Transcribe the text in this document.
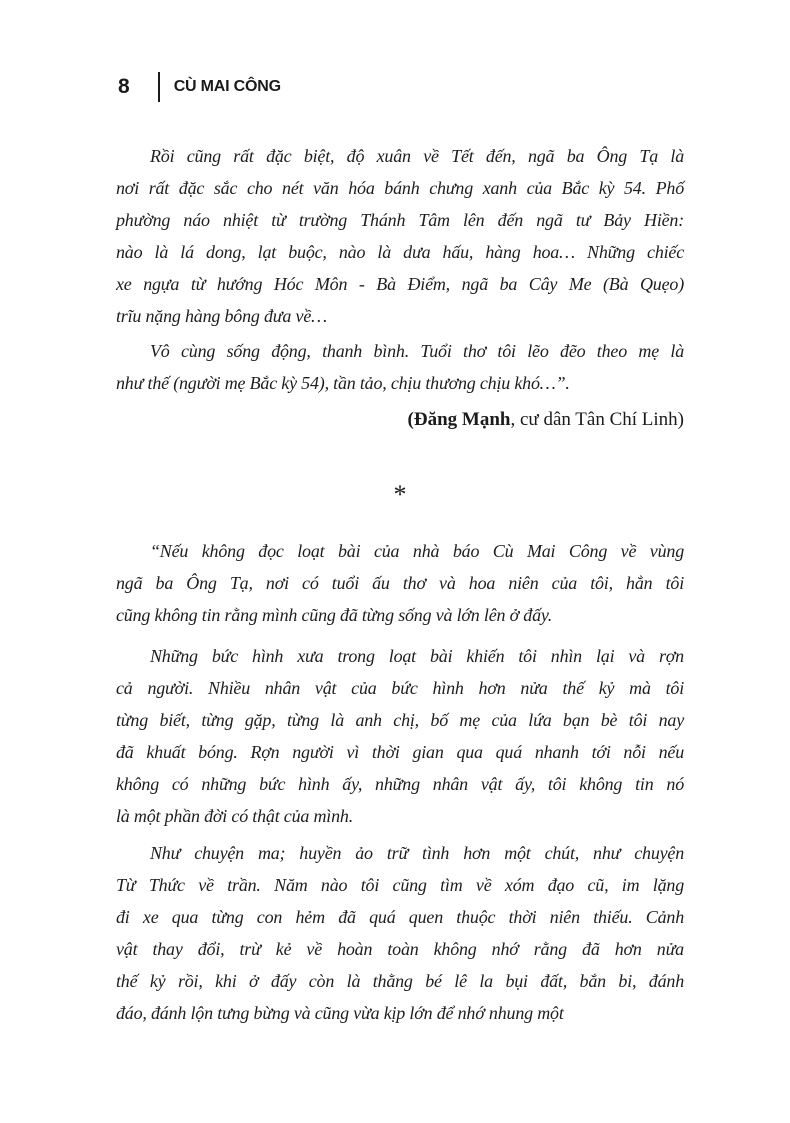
8	CÙ MAI CÔNG
Rồi cũng rất đặc biệt, độ xuân về Tết đến, ngã ba Ông Tạ là
nơi rất đặc sắc cho nét văn hóa bánh chưng xanh của Bắc kỳ 54. Phố
phường náo nhiệt từ trường Thánh Tâm lên đến ngã tư Bảy Hiền:
nào là lá dong, lạt buộc, nào là dưa hấu, hàng hoa… Những chiếc
xe ngựa từ hướng Hóc Môn - Bà Điểm, ngã ba Cây Me (Bà Quẹo)
trĩu nặng hàng bông đưa về…
Vô cùng sống động, thanh bình. Tuổi thơ tôi lẽo đẽo theo mẹ là
như thế (người mẹ Bắc kỳ 54), tần tảo, chịu thương chịu khó…”.
(Đăng Mạnh, cư dân Tân Chí Linh)
*
“Nếu không đọc loạt bài của nhà báo Cù Mai Công về vùng
ngã ba Ông Tạ, nơi có tuổi ấu thơ và hoa niên của tôi, hẳn tôi
cũng không tin rằng mình cũng đã từng sống và lớn lên ở đấy.
Những bức hình xưa trong loạt bài khiến tôi nhìn lại và rợn
cả người. Nhiều nhân vật của bức hình hơn nửa thế kỷ mà tôi
từng biết, từng gặp, từng là anh chị, bố mẹ của lứa bạn bè tôi nay
đã khuất bóng. Rợn người vì thời gian qua quá nhanh tới nỗi nếu
không có những bức hình ấy, những nhân vật ấy, tôi không tin nó
là một phần đời có thật của mình.
Như chuyện ma; huyền ảo trữ tình hơn một chút, như chuyện
Từ Thức về trần. Năm nào tôi cũng tìm về xóm đạo cũ, im lặng
đi xe qua từng con hẻm đã quá quen thuộc thời niên thiếu. Cảnh
vật thay đổi, trừ kẻ về hoàn toàn không nhớ rằng đã hơn nửa
thế kỷ rồi, khi ở đấy còn là thằng bé lê la bụi đất, bắn bi, đánh
đáo, đánh lộn tưng bừng và cũng vừa kịp lớn để nhớ nhung một
